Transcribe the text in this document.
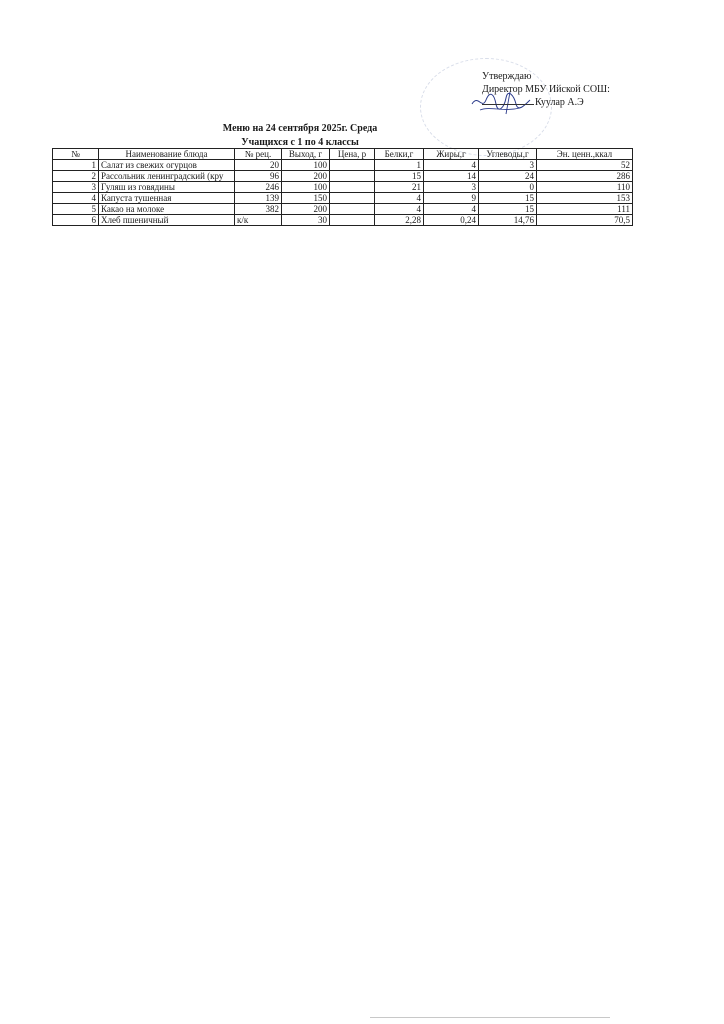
Утверждаю
Директор МБУ Ийской СОШ:
Куулар А.Э
Меню на 24 сентября 2025г. Среда
Учащихся с 1 по 4 классы
№	Наименование блюда	№ рец.	Выход, г	Цена, р	Белки,г	Жиры,г	Углеводы,г	Эн. ценн.,ккал
1	Салат из свежих огурцов	20	100		1	4	3	52
2	Рассольник ленинградский (кру	96	200		15	14	24	286
3	Гуляш из говядины	246	100		21	3	0	110
4	Капуста тушенная	139	150		4	9	15	153
5	Какао на молоке	382	200		4	4	15	111
6	Хлеб пшеничный	к/к	30		2,28	0,24	14,76	70,5
